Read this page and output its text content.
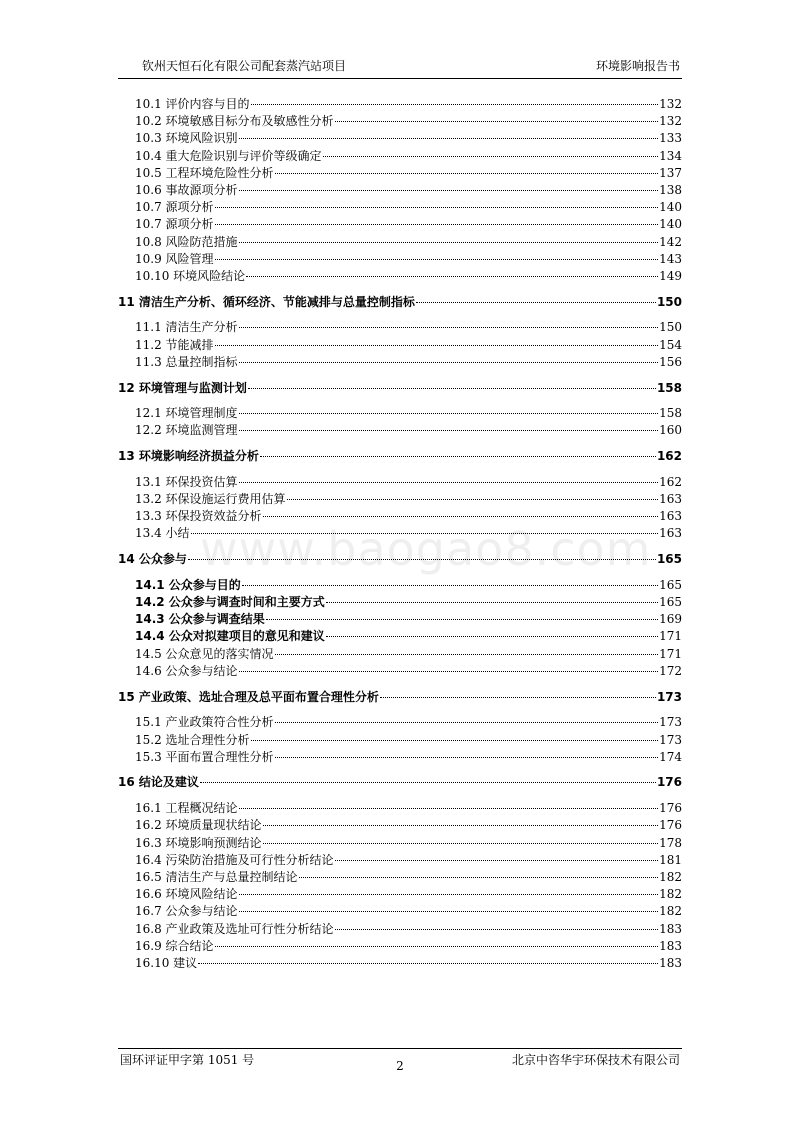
钦州天恒石化有限公司配套蒸汽站项目	环境影响报告书
www.baogao8.com
10.1 评价内容与目的	132
10.2 环境敏感目标分布及敏感性分析	132
10.3 环境风险识别	133
10.4 重大危险识别与评价等级确定	134
10.5 工程环境危险性分析	137
10.6 事故源项分析	138
10.7 源项分析	140
10.7 源项分析	140
10.8 风险防范措施	142
10.9 风险管理	143
10.10 环境风险结论	149
11 清洁生产分析、循环经济、节能减排与总量控制指标	150
11.1 清洁生产分析	150
11.2 节能减排	154
11.3 总量控制指标	156
12 环境管理与监测计划	158
12.1 环境管理制度	158
12.2 环境监测管理	160
13 环境影响经济损益分析	162
13.1 环保投资估算	162
13.2 环保设施运行费用估算	163
13.3 环保投资效益分析	163
13.4 小结	163
14 公众参与	165
14.1 公众参与目的	165
14.2 公众参与调查时间和主要方式	165
14.3 公众参与调查结果	169
14.4 公众对拟建项目的意见和建议	171
14.5 公众意见的落实情况	171
14.6 公众参与结论	172
15 产业政策、选址合理及总平面布置合理性分析	173
15.1 产业政策符合性分析	173
15.2 选址合理性分析	173
15.3 平面布置合理性分析	174
16 结论及建议	176
16.1 工程概况结论	176
16.2 环境质量现状结论	176
16.3 环境影响预测结论	178
16.4 污染防治措施及可行性分析结论	181
16.5 清洁生产与总量控制结论	182
16.6 环境风险结论	182
16.7 公众参与结论	182
16.8 产业政策及选址可行性分析结论	183
16.9 综合结论	183
16.10 建议	183
国环评证甲字第 1051 号	2	北京中咨华宇环保技术有限公司
